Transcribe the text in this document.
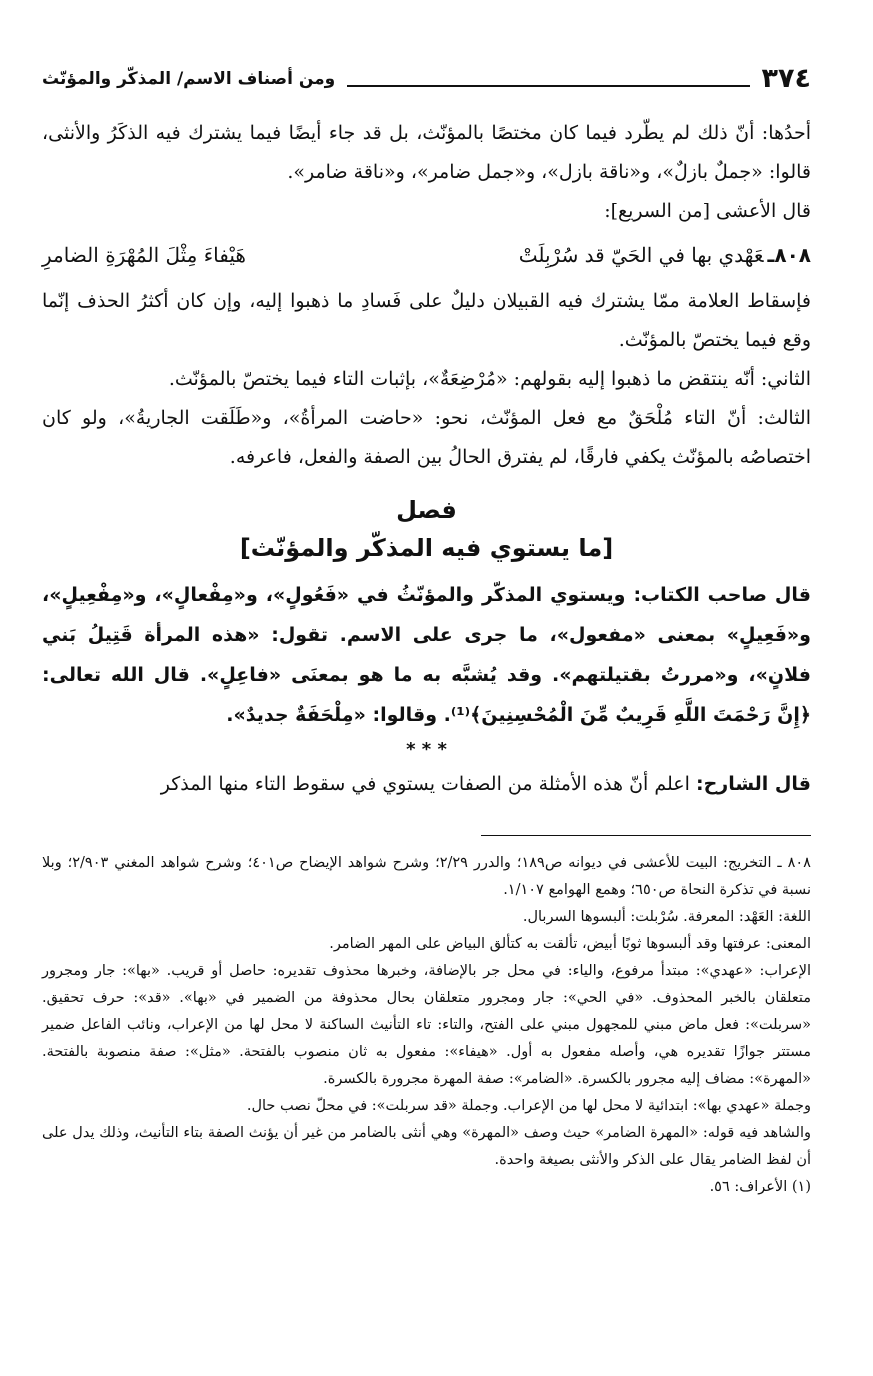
٣٧٤
ومن أصناف الاسم/ المذكّر والمؤنّث

أحدُها: أنّ ذلك لم يطّرد فيما كان مختصًا بالمؤنّث، بل قد جاء أيضًا فيما يشترك فيه الذكَرُ والأنثى، قالوا: «جملٌ بازلٌ»، و«ناقة بازل»، و«جمل ضامر»، و«ناقة ضامر».

قال الأعشى [من السريع]:

٨٠٨ـعَهْدي بها في الحَيّ قد سُرْبِلَتْ
هَيْفاءَ مِثْلَ المُهْرَةِ الضامرِ

فإسقاط العلامة ممّا يشترك فيه القبيلان دليلٌ على فَسادِ ما ذهبوا إليه، وإن كان أكثرُ الحذف إنّما وقع فيما يختصّ بالمؤنّث.

الثاني: أنّه ينتقض ما ذهبوا إليه بقولهم: «مُرْضِعَةٌ»، بإثبات التاء فيما يختصّ بالمؤنّث.

الثالث: أنّ التاء مُلْحَقٌ مع فعل المؤنّث، نحو: «حاضت المرأةُ»، و«طَلَقت الجاريةُ»، ولو كان اختصاصُه بالمؤنّث يكفي فارقًا، لم يفترق الحالُ بين الصفة والفعل، فاعرفه.

فصل
[ما يستوي فيه المذكّر والمؤنّث]
قال صاحب الكتاب: ويستوي المذكّر والمؤنّثُ في «فَعُولٍ»، و«مِفْعالٍ»، و«مِفْعِيلٍ»، و«فَعِيلٍ» بمعنى «مفعول»، ما جرى على الاسم. تقول: «هذه المرأة قَتِيلُ بَني فلانٍ»، و«مررتُ بقتيلتهم». وقد يُشبَّه به ما هو بمعنَى «فاعِلٍ». قال الله تعالى: ﴿إِنَّ رَحْمَتَ اللَّهِ قَرِيبٌ مِّنَ الْمُحْسِنِينَ﴾⁽¹⁾. وقالوا: «مِلْحَفَةٌ جديدٌ».
* * *
قال الشارح: اعلم أنّ هذه الأمثلة من الصفات يستوي في سقوط التاء منها المذكر

٨٠٨ ـ التخريج: البيت للأعشى في ديوانه ص١٨٩؛ والدرر ٢/٢٩؛ وشرح شواهد الإيضاح ص٤٠١؛ وشرح شواهد المغني ٢/٩٠٣؛ وبلا نسبة في تذكرة النحاة ص٦٥٠؛ وهمع الهوامع ١/١٠٧.

اللغة: العَهْد: المعرفة. سُرْبلت: ألبسوها السربال.

المعنى: عرفتها وقد ألبسوها ثوبًا أبيض، تألقت به كتألق البياض على المهر الضامر.

الإعراب: «عهدي»: مبتدأ مرفوع، والياء: في محل جر بالإضافة، وخبرها محذوف تقديره: حاصل أو قريب. «بها»: جار ومجرور متعلقان بالخبر المحذوف. «في الحي»: جار ومجرور متعلقان بحال محذوفة من الضمير في «بها». «قد»: حرف تحقيق. «سربلت»: فعل ماض مبني للمجهول مبني على الفتح، والتاء: تاء التأنيث الساكنة لا محل لها من الإعراب، ونائب الفاعل ضمير مستتر جوازًا تقديره هي، وأصله مفعول به أول. «هيفاء»: مفعول به ثان منصوب بالفتحة. «مثل»: صفة منصوبة بالفتحة. «المهرة»: مضاف إليه مجرور بالكسرة. «الضامر»: صفة المهرة مجرورة بالكسرة.

وجملة «عهدي بها»: ابتدائية لا محل لها من الإعراب. وجملة «قد سربلت»: في محلّ نصب حال.

والشاهد فيه قوله: «المهرة الضامر» حيث وصف «المهرة» وهي أنثى بالضامر من غير أن يؤنث الصفة بتاء التأنيث، وذلك يدل على أن لفظ الضامر يقال على الذكر والأنثى بصيغة واحدة.

(١) الأعراف: ٥٦.
